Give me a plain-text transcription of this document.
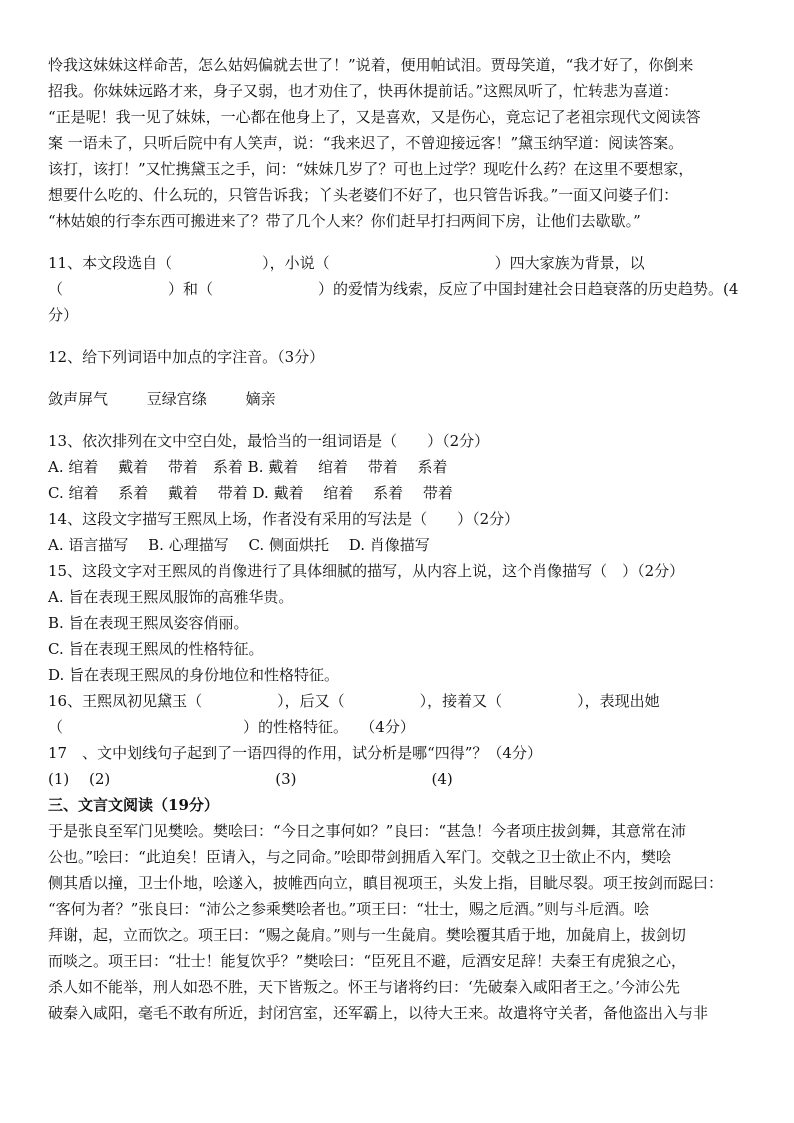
怜我这妹妹这样命苦，怎么姑妈偏就去世了！”说着，便用帕试泪。贾母笑道，“我才好了，你倒来
招我。你妹妹远路才来，身子又弱，也才劝住了，快再休提前话。”这熙凤听了，忙转悲为喜道：
“正是呢！我一见了妹妹，一心都在他身上了，又是喜欢，又是伤心，竟忘记了老祖宗现代文阅读答
案 一语未了，只听后院中有人笑声，说：“我来迟了，不曾迎接远客！”黛玉纳罕道：阅读答案。
该打，该打！”又忙携黛玉之手，问：“妹妹几岁了？可也上过学？现吃什么药？在这里不要想家，
想要什么吃的、什么玩的，只管告诉我；丫头老婆们不好了，也只管告诉我。”一面又问婆子们：
“林姑娘的行李东西可搬进来了？带了几个人来？你们赶早打扫两间下房，让他们去歇歇。”
11、本文段选自（　　　　　　），小说（　　　　　　　　　　　）四大家族为背景，以
（　　　　　　　）和（　　　　　　　）的爱情为线索，反应了中国封建社会日趋衰落的历史趋势。(4
分）
12、给下列词语中加点的字注音。（3分）
敛声屏气	豆绿宫绦	嫡亲
13、依次排列在文中空白处，最恰当的一组词语是（　　）（2分）
A. 绾着　 戴着　 带着　系着 B. 戴着　 绾着　 带着　 系着
C. 绾着　 系着　 戴着　 带着 D. 戴着　 绾着　 系着　 带着
14、这段文字描写王熙凤上场，作者没有采用的写法是（　　）（2分）
A. 语言描写　 B. 心理描写　 C. 侧面烘托　 D. 肖像描写
15、这段文字对王熙凤的肖像进行了具体细腻的描写，从内容上说，这个肖像描写（　）（2分）
A. 旨在表现王熙凤服饰的高雅华贵。
B. 旨在表现王熙凤姿容俏丽。
C. 旨在表现王熙凤的性格特征。
D. 旨在表现王熙凤的身份地位和性格特征。
16、王熙凤初见黛玉（　　　　　），后又（　　　　　），接着又（　　　　　），表现出她
（　　　　　　　　　　　　）的性格特征。　 （4分）
17　、文中划线句子起到了一语四得的作用，试分析是哪“四得”？（4分）
(1)　 (2)　　　　　　　　　　　(3)　　　　　　　　　(4)
三、文言文阅读（19分）
于是张良至军门见樊哙。樊哙曰：“今日之事何如？”良曰：“甚急！今者项庄拔剑舞，其意常在沛
公也。”哙曰：“此迫矣！臣请入，与之同命。”哙即带剑拥盾入军门。交戟之卫士欲止不内，樊哙
侧其盾以撞，卫士仆地，哙遂入，披帷西向立，瞋目视项王，头发上指，目眦尽裂。项王按剑而跽曰：
“客何为者？”张良曰：“沛公之参乘樊哙者也。”项王曰：“壮士，赐之卮酒。”则与斗卮酒。哙
拜谢，起，立而饮之。项王曰：“赐之彘肩。”则与一生彘肩。樊哙覆其盾于地，加彘肩上，拔剑切
而啖之。项王曰：“壮士！能复饮乎？”樊哙曰：“臣死且不避，卮酒安足辞！夫秦王有虎狼之心，
杀人如不能举，刑人如恐不胜，天下皆叛之。怀王与诸将约曰：‘先破秦入咸阳者王之。’今沛公先
破秦入咸阳，毫毛不敢有所近，封闭宫室，还军霸上，以待大王来。故遣将守关者，备他盗出入与非
